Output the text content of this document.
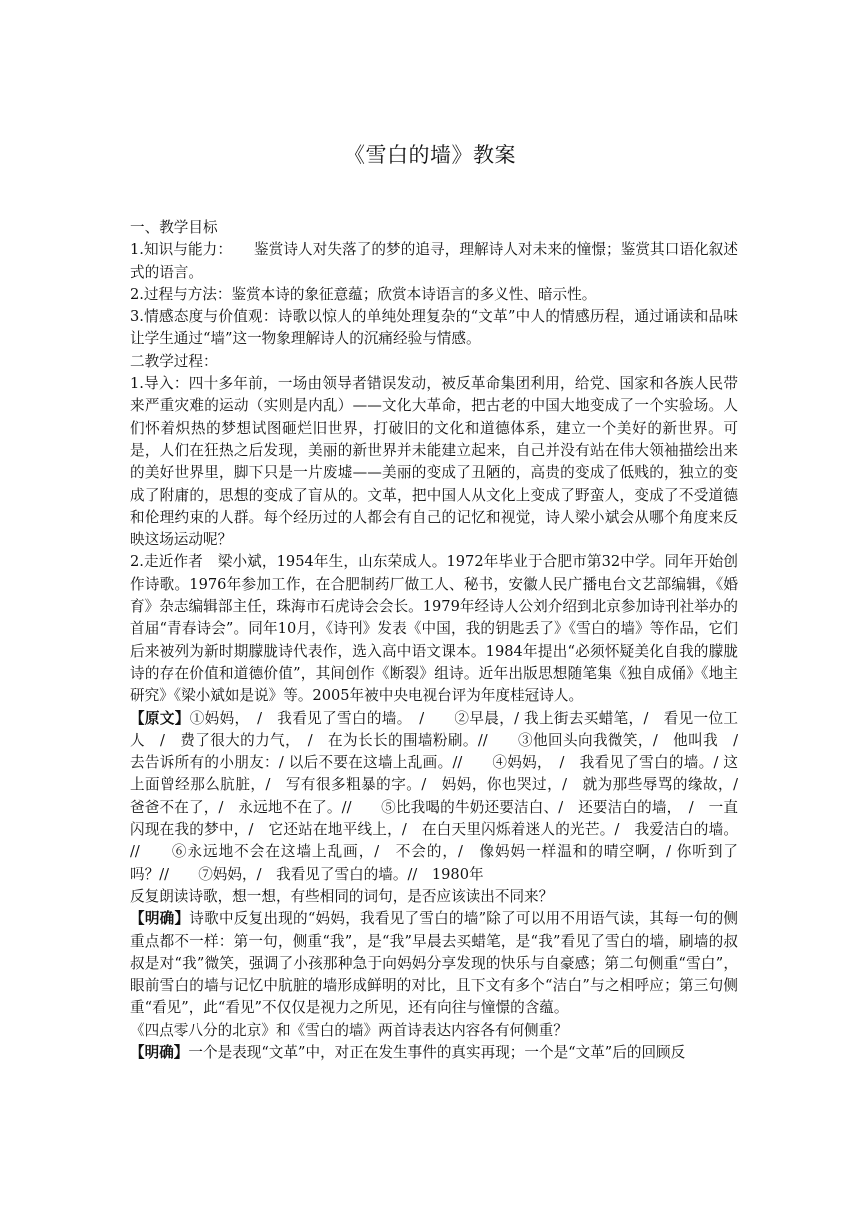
《雪白的墙》教案

一、教学目标

1.知识与能力：　　鉴赏诗人对失落了的梦的追寻，理解诗人对未来的憧憬；鉴赏其口语化叙述式的语言。

2.过程与方法：鉴赏本诗的象征意蕴；欣赏本诗语言的多义性、暗示性。

3.情感态度与价值观：诗歌以惊人的单纯处理复杂的“文革”中人的情感历程，通过诵读和品味让学生通过“墙”这一物象理解诗人的沉痛经验与情感。

二教学过程：

1.导入：四十多年前，一场由领导者错误发动，被反革命集团利用，给党、国家和各族人民带来严重灾难的运动（实则是内乱）——文化大革命，把古老的中国大地变成了一个实验场。人们怀着炽热的梦想试图砸烂旧世界，打破旧的文化和道德体系，建立一个美好的新世界。可是，人们在狂热之后发现，美丽的新世界并未能建立起来，自己并没有站在伟大领袖描绘出来的美好世界里，脚下只是一片废墟——美丽的变成了丑陋的，高贵的变成了低贱的，独立的变成了附庸的，思想的变成了盲从的。文革，把中国人从文化上变成了野蛮人，变成了不受道德和伦理约束的人群。每个经历过的人都会有自己的记忆和视觉，诗人梁小斌会从哪个角度来反映这场运动呢？

2.走近作者　梁小斌，1954年生，山东荣成人。1972年毕业于合肥市第32中学。同年开始创作诗歌。1976年参加工作，在合肥制药厂做工人、秘书，安徽人民广播电台文艺部编辑，《婚育》杂志编辑部主任，珠海市石虎诗会会长。1979年经诗人公刘介绍到北京参加诗刊社举办的首届“青春诗会”。同年10月，《诗刊》发表《中国，我的钥匙丢了》《雪白的墙》等作品，它们后来被列为新时期朦胧诗代表作，选入高中语文课本。1984年提出“必须怀疑美化自我的朦胧诗的存在价值和道德价值”，其间创作《断裂》组诗。近年出版思想随笔集《独自成俑》《地主研究》《梁小斌如是说》等。2005年被中央电视台评为年度桂冠诗人。

【原文】①妈妈，　/　我看见了雪白的墙。　/　　②早晨，/ 我上街去买蜡笔，/　看见一位工人　/　费了很大的力气，　/　在为长长的围墙粉刷。//　　③他回头向我微笑，/　他叫我　/ 去告诉所有的小朋友：/ 以后不要在这墙上乱画。//　　④妈妈，　/　我看见了雪白的墙。/ 这上面曾经那么肮脏，/　写有很多粗暴的字。/　妈妈，你也哭过，/　就为那些辱骂的缘故，/　爸爸不在了，/　永远地不在了。//　　⑤比我喝的牛奶还要洁白、/　还要洁白的墙，　/　一直闪现在我的梦中，/　它还站在地平线上，/　在白天里闪烁着迷人的光芒。/　我爱洁白的墙。 //　　⑥永远地不会在这墙上乱画，/　不会的，/　像妈妈一样温和的晴空啊，/ 你听到了吗？//　　⑦妈妈，/　我看见了雪白的墙。//　1980年

反复朗读诗歌，想一想，有些相同的词句，是否应该读出不同来？

【明确】诗歌中反复出现的“妈妈，我看见了雪白的墙”除了可以用不用语气读，其每一句的侧重点都不一样：第一句，侧重“我”，是“我”早晨去买蜡笔，是“我”看见了雪白的墙，刷墙的叔叔是对“我”微笑，强调了小孩那种急于向妈妈分享发现的快乐与自豪感；第二句侧重“雪白”，眼前雪白的墙与记忆中肮脏的墙形成鲜明的对比，且下文有多个“洁白”与之相呼应；第三句侧重“看见”，此“看见”不仅仅是视力之所见，还有向往与憧憬的含蕴。

《四点零八分的北京》和《雪白的墙》两首诗表达内容各有何侧重？

【明确】一个是表现“文革”中，对正在发生事件的真实再现；一个是“文革”后的回顾反
